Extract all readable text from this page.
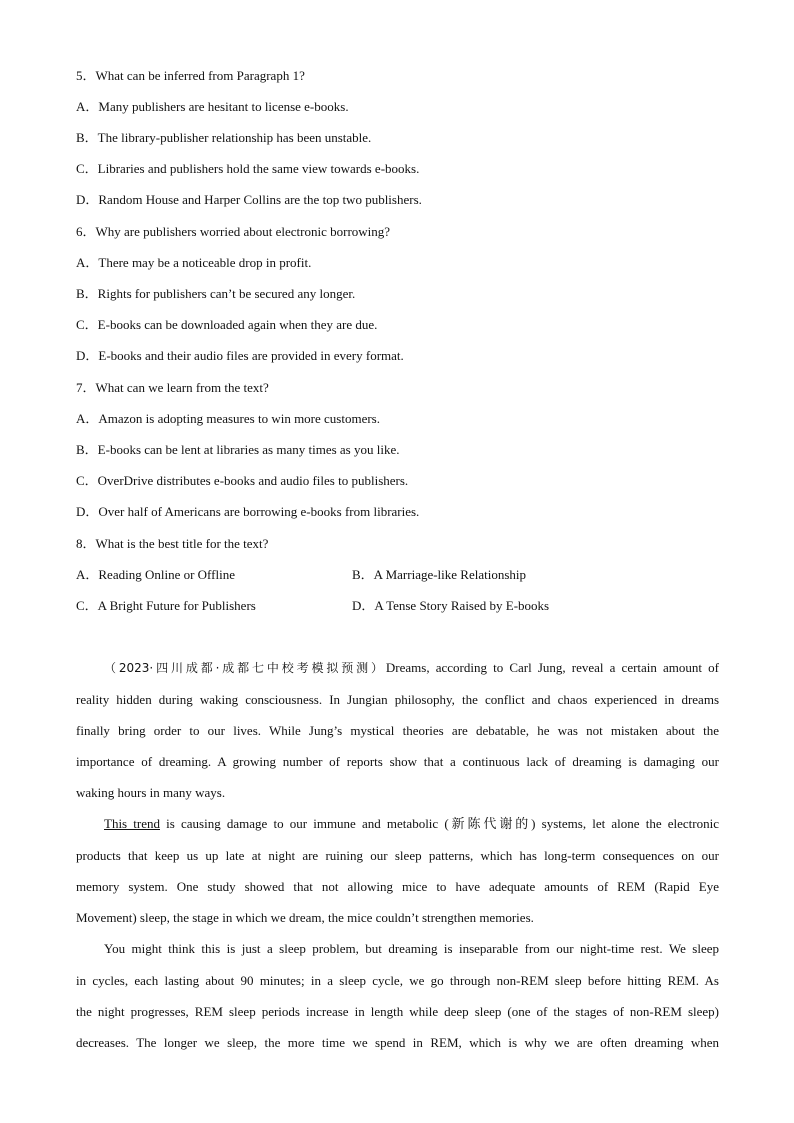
5．What can be inferred from Paragraph 1?
A．Many publishers are hesitant to license e-books.
B．The library-publisher relationship has been unstable.
C．Libraries and publishers hold the same view towards e-books.
D．Random House and Harper Collins are the top two publishers.
6．Why are publishers worried about electronic borrowing?
A．There may be a noticeable drop in profit.
B．Rights for publishers can’t be secured any longer.
C．E-books can be downloaded again when they are due.
D．E-books and their audio files are provided in every format.
7．What can we learn from the text?
A．Amazon is adopting measures to win more customers.
B．E-books can be lent at libraries as many times as you like.
C．OverDrive distributes e-books and audio files to publishers.
D．Over half of Americans are borrowing e-books from libraries.
8．What is the best title for the text?
A．Reading Online or Offline	B．A Marriage-like Relationship
C．A Bright Future for Publishers	D．A Tense Story Raised by E-books
（2023·四川成都·成都七中校考模拟预测）Dreams, according to Carl Jung, reveal a certain amount of
reality hidden during waking consciousness. In Jungian philosophy, the conflict and chaos experienced in dreams
finally bring order to our lives. While Jung’s mystical theories are debatable, he was not mistaken about the
importance of dreaming. A growing number of reports show that a continuous lack of dreaming is damaging our
waking hours in many ways.
This trend is causing damage to our immune and metabolic (新陈代谢的) systems, let alone the electronic
products that keep us up late at night are ruining our sleep patterns, which has long-term consequences on our
memory system. One study showed that not allowing mice to have adequate amounts of REM (Rapid Eye
Movement) sleep, the stage in which we dream, the mice couldn’t strengthen memories.
You might think this is just a sleep problem, but dreaming is inseparable from our night-time rest. We sleep
in cycles, each lasting about 90 minutes; in a sleep cycle, we go through non-REM sleep before hitting REM. As
the night progresses, REM sleep periods increase in length while deep sleep (one of the stages of non-REM sleep)
decreases. The longer we sleep, the more time we spend in REM, which is why we are often dreaming when
